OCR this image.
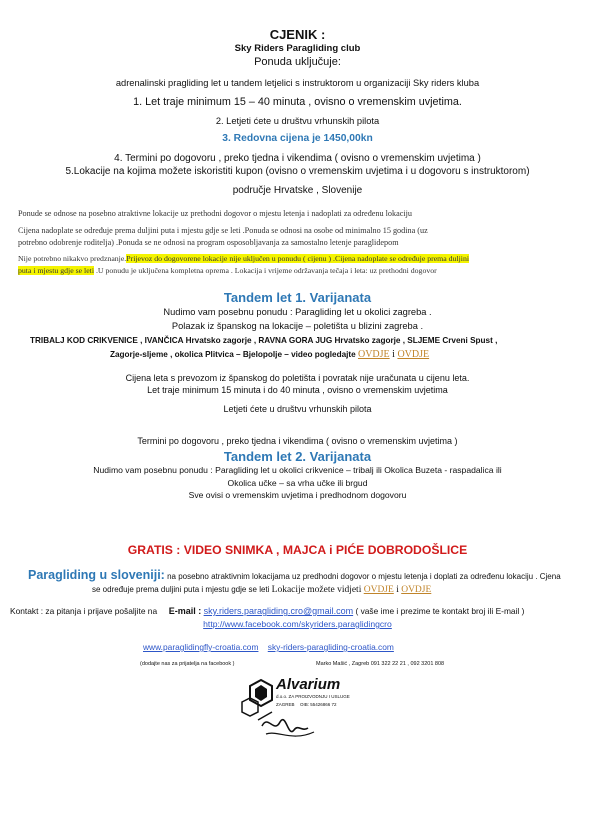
CJENIK :
Sky Riders Paragliding club
Ponuda uključuje:
adrenalinski pragliding let u tandem letjelici s instruktorom u organizaciji Sky riders kluba
1. Let traje minimum 15 – 40 minuta , ovisno o vremenskim uvjetima.
2. Letjeti ćete u društvu vrhunskih pilota
3. Redovna cijena je 1450,00kn
4. Termini po dogovoru , preko tjedna i vikendima ( ovisno o vremenskim uvjetima )
5.Lokacije na kojima možete iskoristiti kupon (ovisno o vremenskim uvjetima i u dogovoru s instruktorom)
područje Hrvatske , Slovenije
Ponude se odnose na posebno atraktivne lokacije uz prethodni dogovor o mjestu letenja i nadoplati za određenu lokaciju
Cijena nadoplate se određuje prema duljini puta i mjestu gdje se leti .Ponuda se odnosi na osobe od minimalno 15 godina (uz
potrebno odobrenje roditelja) .Ponuda se ne odnosi na program osposobljavanja za samostalno letenje paraglidерom
Nije potrebno nikakvo predznanje.Prijevoz do dogovorene lokacije nije uključen u ponudu ( cijenu ) .Cijena nadoplate se određuje prema duljini
puta i mjestu gdje se leti .U ponudu je uključena kompletna oprema . Lokacija i vrijeme održavanja tečaja i leta: uz prethodni dogovor
Tandem let 1. Varijanata
Nudimo vam posebnu ponudu : Paragliding let u okolici zagreba .
Polazak iz španskog na lokacije – poletišta u blizini zagreba .
TRIBALJ KOD CRIKVENICE , IVANČICA Hrvatsko zagorje , RAVNA GORA JUG Hrvatsko zagorje , SLJEME Crveni Spust ,
Zagorje-sljeme , okolica Plitvica – Bjelopolje – video pogledajte OVDJE i OVDJE
Cijena leta s prevozom iz španskog do poletišta i povratak nije uračunata u cijenu leta.
Let traje minimum 15 minuta i do 40 minuta , ovisno o vremenskim uvjetima
Letjeti ćete u društvu vrhunskih pilota
Termini po dogovoru , preko tjedna i vikendima ( ovisno o vremenskim uvjetima )
Tandem let 2. Varijanata
Nudimo vam posebnu ponudu : Paragliding let u okolici crikvenice – tribalj ili Okolica Buzeta - raspadalica ili
Okolica učke – sa vrha učke ili brgud
Sve ovisi o vremenskim uvjetima i predhodnom dogovoru
GRATIS : VIDEO SNIMKA , MAJCA i PIĆE DOBRODOŠLICE
Paragliding u sloveniji: na posebno atraktivnim lokacijama uz predhodni dogovor o mjestu letenja i doplati za određenu lokaciju . Cjena
se određuje prema duljini puta i mjestu gdje se leti Lokacije možete vidjeti OVDJE i OVDJE
Kontakt : za pitanja i prijave pošaljite na E-mail : sky.riders.paragliding.cro@gmail.com ( vaše ime i prezime te kontakt broj ili E-mail )
http://www.facebook.com/skyriders.paraglidingcro
www.paraglidingfly-croatia.com sky-riders-paragliding-croatia.com
(dodajte nas za prijatelja na facebook )	Marko Mašić , Zagreb 091 322 22 21 , 092 3201 808
Alvarium
d.o.o. ZA PROIZVODNJU I USLUGE
ZAGREB OIB: 55426866 72
